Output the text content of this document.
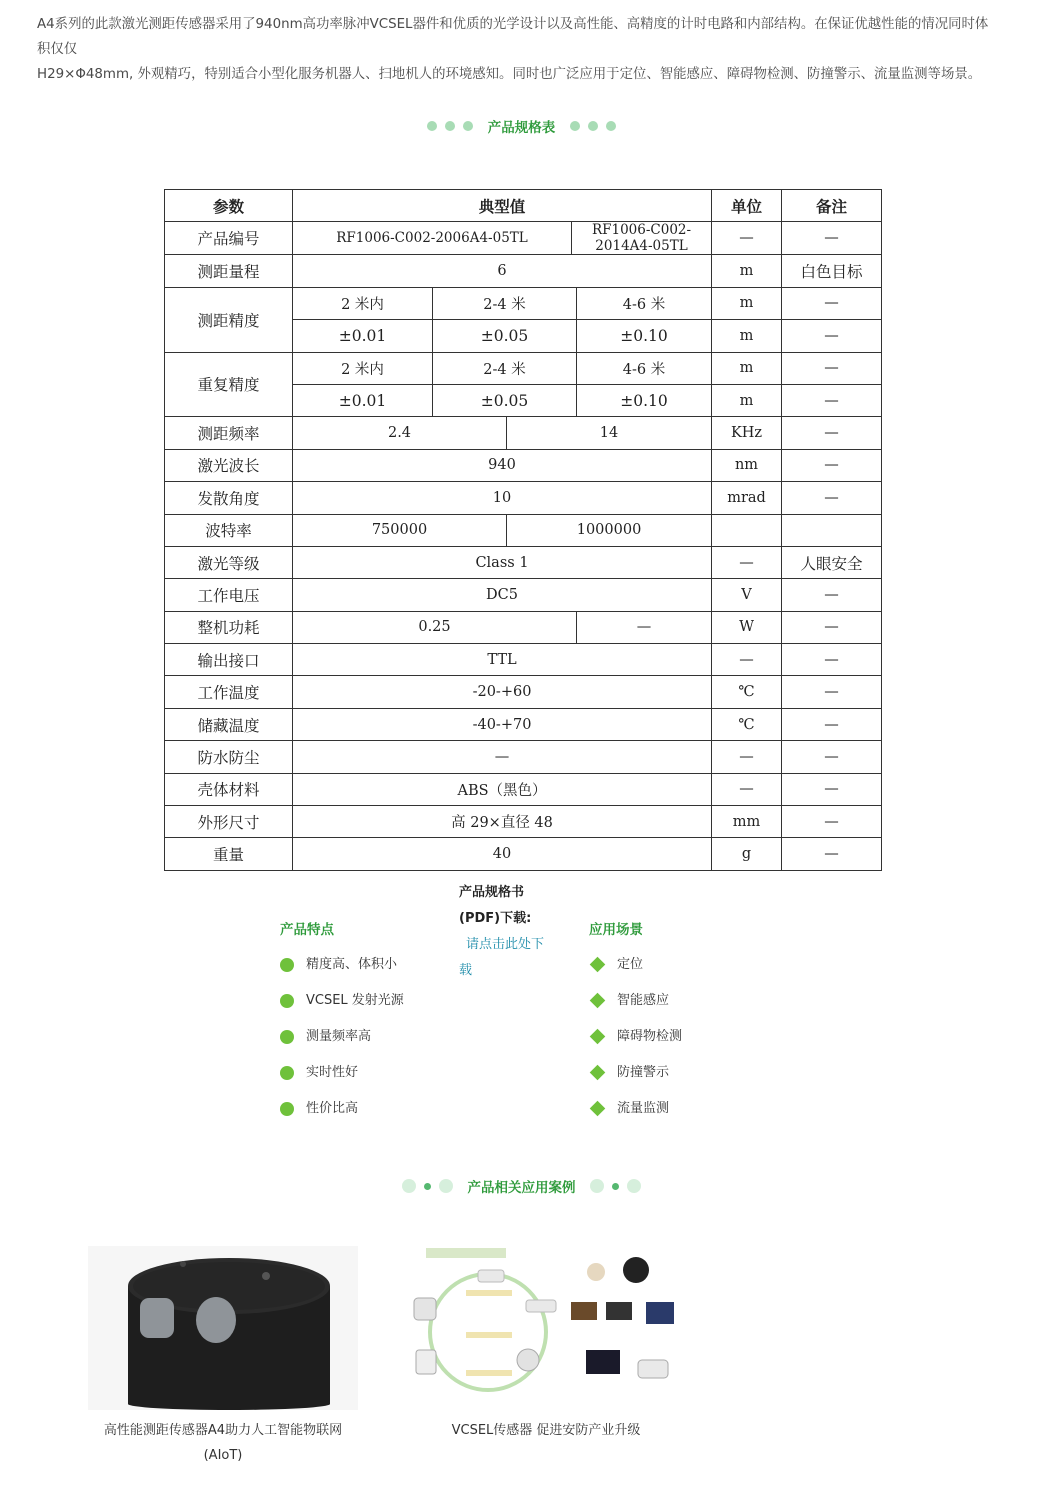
A4系列的此款激光测距传感器采用了940nm高功率脉冲VCSEL器件和优质的光学设计以及高性能、高精度的计时电路和内部结构。在保证优越性能的情况同时体积仅仅
H29×Φ48mm, 外观精巧，特别适合小型化服务机器人、扫地机人的环境感知。同时也广泛应用于定位、智能感应、障碍物检测、防撞警示、流量监测等场景。
产品规格表
参数	典型值					单位	备注
产品编号	RF1006-C002-2006A4-05TL			RF1006-C002-2014A4-05TL		—	—
测距量程	6					m	白色目标
测距精度	2 米内	2-4 米			4-6 米	m	—
	±0.01	±0.05			±0.10	m	—
重复精度	2 米内	2-4 米			4-6 米	m	—
	±0.01	±0.05			±0.10	m	—
测距频率	2.4		14			KHz	—
激光波长	940					nm	—
发散角度	10					mrad	—
波特率	750000		1000000				
激光等级	Class 1					—	人眼安全
工作电压	DC5					V	—
整机功耗	0.25				—	W	—
输出接口	TTL					—	—
工作温度	-20-+60					℃	—
储藏温度	-40-+70					℃	—
防水防尘	—					—	—
壳体材料	ABS（黑色）					—	—
外形尺寸	高 29×直径 48					mm	—
重量	40					g	—
产品规格书
(PDF)下载:
请点击此处下
载
产品特点
精度高、体积小
VCSEL 发射光源
测量频率高
实时性好
性价比高
应用场景
定位
智能感应
障碍物检测
防撞警示
流量监测
产品相关应用案例
高性能测距传感器A4助力人工智能物联网
(AIoT)
VCSEL传感器 促进安防产业升级
